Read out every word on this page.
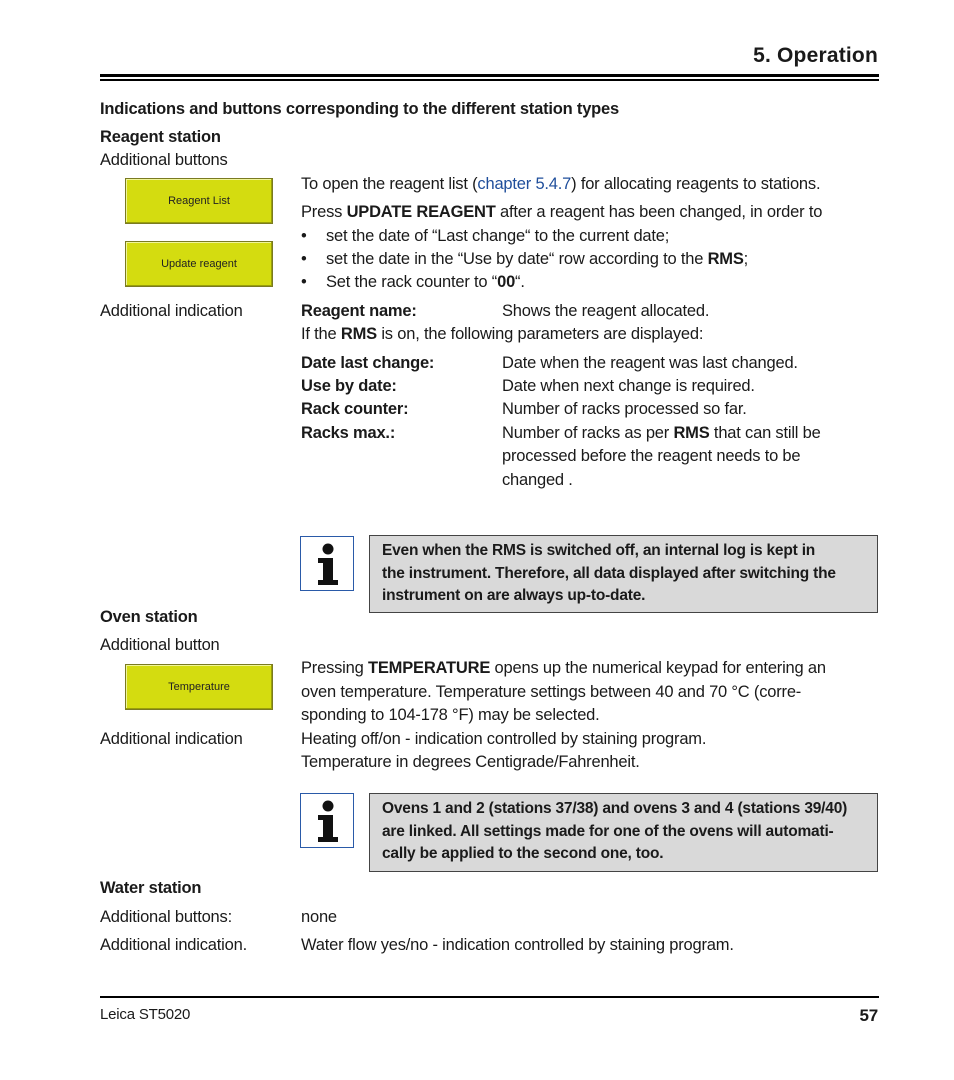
5. Operation
Indications and buttons corresponding to the different station types
Reagent station
Additional buttons
Reagent List
Update reagent
To open the reagent list (chapter 5.4.7) for allocating reagents to stations.
Press UPDATE REAGENT after a reagent has been changed, in order to
• set the date of “Last change“ to the current date;
• set the date in the “Use by date“ row according to the RMS;
• Set the rack counter to “00“.
Additional indication	Reagent name:	Shows the reagent allocated.
If the RMS is on, the following parameters are displayed:
Date last change:	Date when the reagent was last changed.
Use by date:	Date when next change is required.
Rack counter:	Number of racks processed so far.
Racks max.:	Number of racks as per RMS that can still be
processed before the reagent needs to be
changed .
Even when the RMS is switched off, an internal log is kept in
the instrument. Therefore, all data displayed after switching the
instrument on are always up-to-date.
Oven station
Additional button
Temperature
Pressing TEMPERATURE opens up the numerical keypad for entering an
oven temperature. Temperature settings between 40 and 70 °C (corre-
sponding to 104-178 °F) may be selected.
Additional indication	Heating off/on - indication controlled by staining program.
Temperature in degrees Centigrade/Fahrenheit.
Ovens 1 and 2 (stations 37/38) and ovens 3 and 4 (stations 39/40)
are linked. All settings made for one of the ovens will automati-
cally be applied to the second one, too.
Water station
Additional buttons:	none
Additional indication.	Water flow yes/no - indication controlled by staining program.
Leica ST5020	57
